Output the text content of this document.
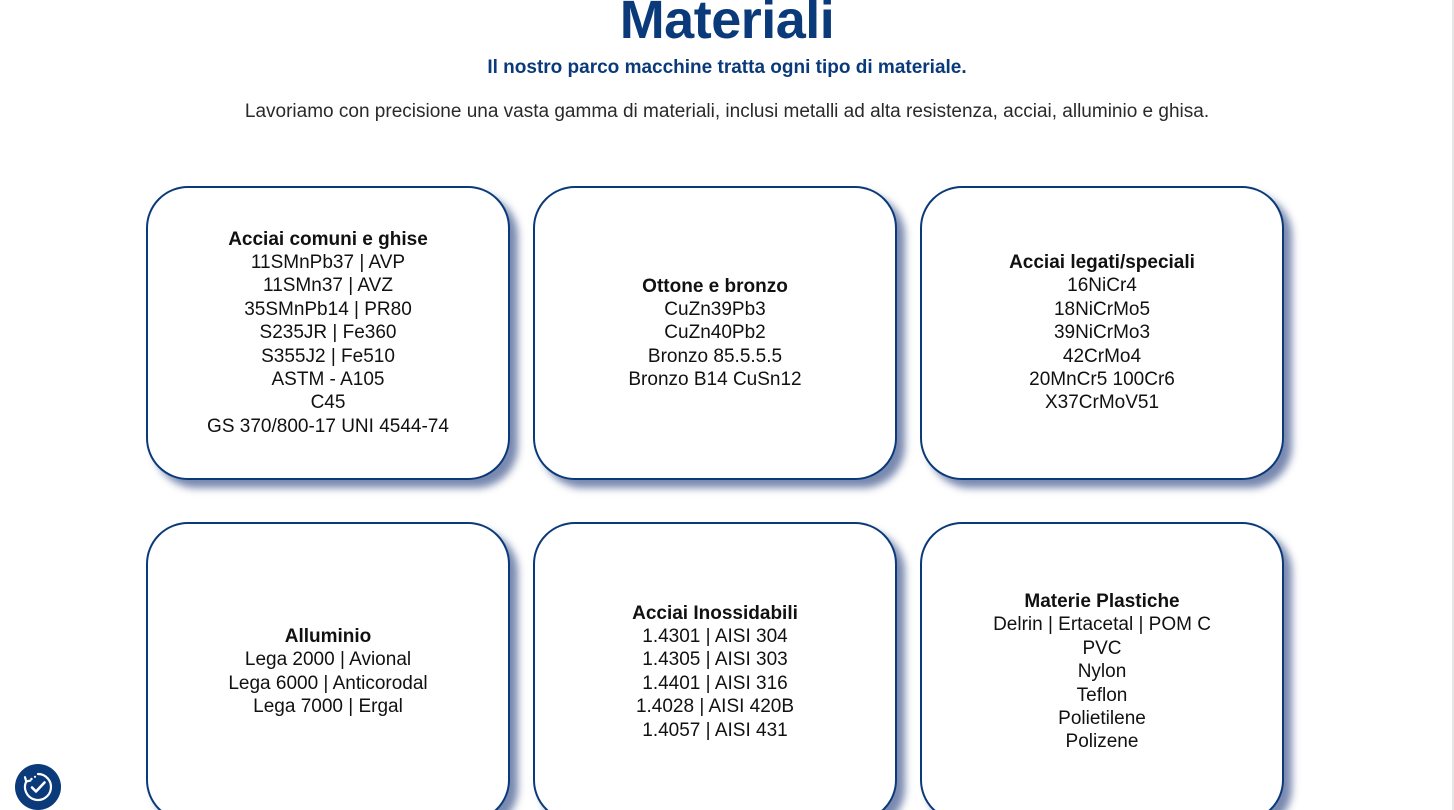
Materiali
Il nostro parco macchine tratta ogni tipo di materiale.
Lavoriamo con precisione una vasta gamma di materiali, inclusi metalli ad alta resistenza, acciai, alluminio e ghisa.
Acciai comuni e ghise
11SMnPb37 | AVP
11SMn37 | AVZ
35SMnPb14 | PR80
S235JR | Fe360
S355J2 | Fe510
ASTM - A105
C45
GS 370/800-17 UNI 4544-74
Ottone e bronzo
CuZn39Pb3
CuZn40Pb2
Bronzo 85.5.5.5
Bronzo B14 CuSn12
Acciai legati/speciali
16NiCr4
18NiCrMo5
39NiCrMo3
42CrMo4
20MnCr5 100Cr6
X37CrMoV51
Alluminio
Lega 2000 | Avional
Lega 6000 | Anticorodal
Lega 7000 | Ergal
Acciai Inossidabili
1.4301 | AISI 304
1.4305 | AISI 303
1.4401 | AISI 316
1.4028 | AISI 420B
1.4057 | AISI 431
Materie Plastiche
Delrin | Ertacetal | POM C
PVC
Nylon
Teflon
Polietilene
Polizene
